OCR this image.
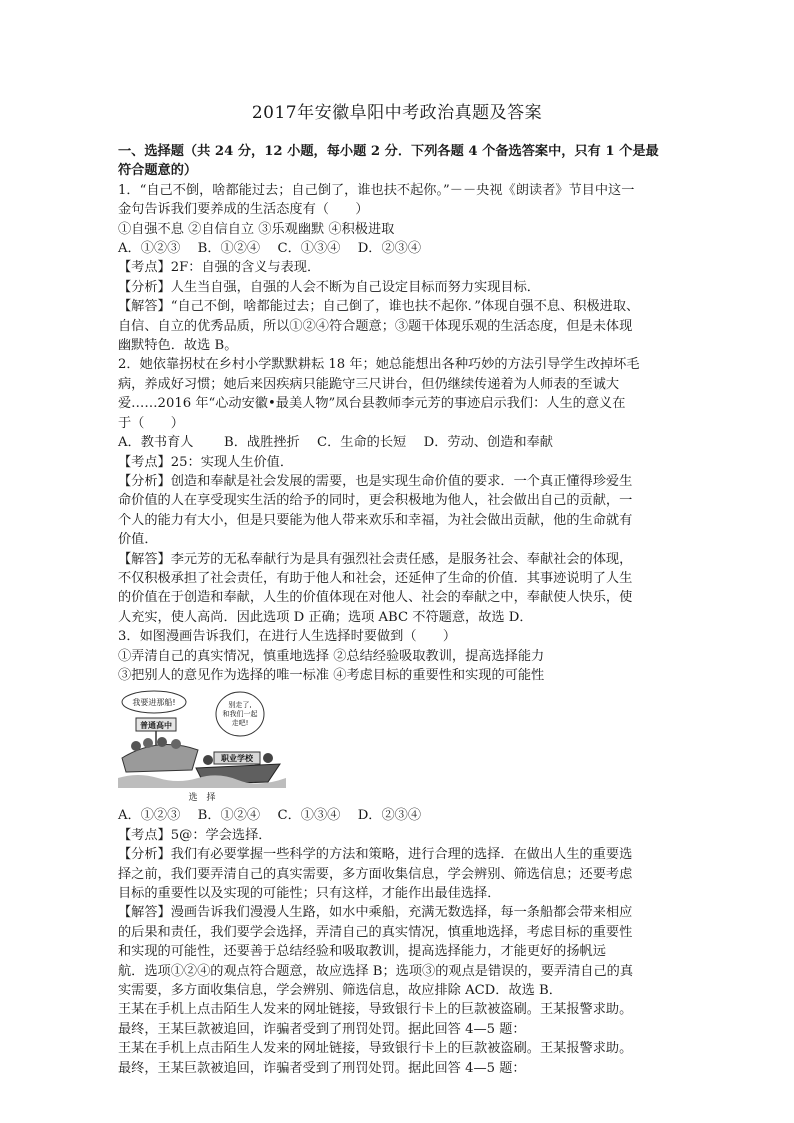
2017年安徽阜阳中考政治真题及答案

一、选择题（共 24 分，12 小题，每小题 2 分．下列各题 4 个备选答案中，只有 1 个是最

符合题意的）

1．“自己不倒，啥都能过去；自己倒了，谁也扶不起你。”－－央视《朗读者》节目中这一

金句告诉我们要养成的生活态度有（　　）

①自强不息 ②自信自立 ③乐观幽默 ④积极进取

A．①②③　 B．①②④　 C．①③④　 D．②③④

【考点】2F：自强的含义与表现．

【分析】人生当自强，自强的人会不断为自己设定目标而努力实现目标．

【解答】“自己不倒，啥都能过去；自己倒了，谁也扶不起你．”体现自强不息、积极进取、

自信、自立的优秀品质，所以①②④符合题意；③题干体现乐观的生活态度，但是未体现

幽默特色．故选 B。

2．她依靠拐杖在乡村小学默默耕耘 18 年；她总能想出各种巧妙的方法引导学生改掉坏毛

病，养成好习惯；她后来因疾病只能跪守三尺讲台，但仍继续传递着为人师表的至诚大

爱……2016 年“心动安徽•最美人物”凤台县教师李元芳的事迹启示我们：人生的意义在

于（　　）

A．教书育人　　 B．战胜挫折　 C．生命的长短　 D．劳动、创造和奉献

【考点】25：实现人生价值．

【分析】创造和奉献是社会发展的需要，也是实现生命价值的要求．一个真正懂得珍爱生

命价值的人在享受现实生活的给予的同时，更会积极地为他人，社会做出自己的贡献，一

个人的能力有大小，但是只要能为他人带来欢乐和幸福，为社会做出贡献，他的生命就有

价值．

【解答】李元芳的无私奉献行为是具有强烈社会责任感，是服务社会、奉献社会的体现，

不仅积极承担了社会责任，有助于他人和社会，还延伸了生命的价值．其事迹说明了人生

的价值在于创造和奉献，人生的价值体现在对他人、社会的奉献之中，奉献使人快乐，使

人充实，使人高尚．因此选项 D 正确；选项 ABC 不符题意，故选 D．

3．如图漫画告诉我们，在进行人生选择时要做到（　　）

①弄清自己的真实情况，慎重地选择 ②总结经验吸取教训，提高选择能力

③把别人的意见作为选择的唯一标准 ④考虑目标的重要性和实现的可能性

我要进那船!
普通高中
别走了,
和我们一起
走吧!
职业学校
选　择

A．①②③　 B．①②④　 C．①③④　 D．②③④

【考点】5@：学会选择．

【分析】我们有必要掌握一些科学的方法和策略，进行合理的选择．在做出人生的重要选

择之前，我们要弄清自己的真实需要，多方面收集信息，学会辨别、筛选信息；还要考虑

目标的重要性以及实现的可能性；只有这样，才能作出最佳选择．

【解答】漫画告诉我们漫漫人生路，如水中乘船，充满无数选择，每一条船都会带来相应

的后果和责任，我们要学会选择，弄清自己的真实情况，慎重地选择，考虑目标的重要性

和实现的可能性，还要善于总结经验和吸取教训，提高选择能力，才能更好的扬帆远

航．选项①②④的观点符合题意，故应选择 B；选项③的观点是错误的，要弄清自己的真

实需要，多方面收集信息，学会辨别、筛选信息，故应排除 ACD．故选 B．

王某在手机上点击陌生人发来的网址链接，导致银行卡上的巨款被盗刷。王某报警求助。

最终，王某巨款被追回，诈骗者受到了刑罚处罚。据此回答 4—5 题：

王某在手机上点击陌生人发来的网址链接，导致银行卡上的巨款被盗刷。王某报警求助。

最终，王某巨款被追回，诈骗者受到了刑罚处罚。据此回答 4—5 题：
